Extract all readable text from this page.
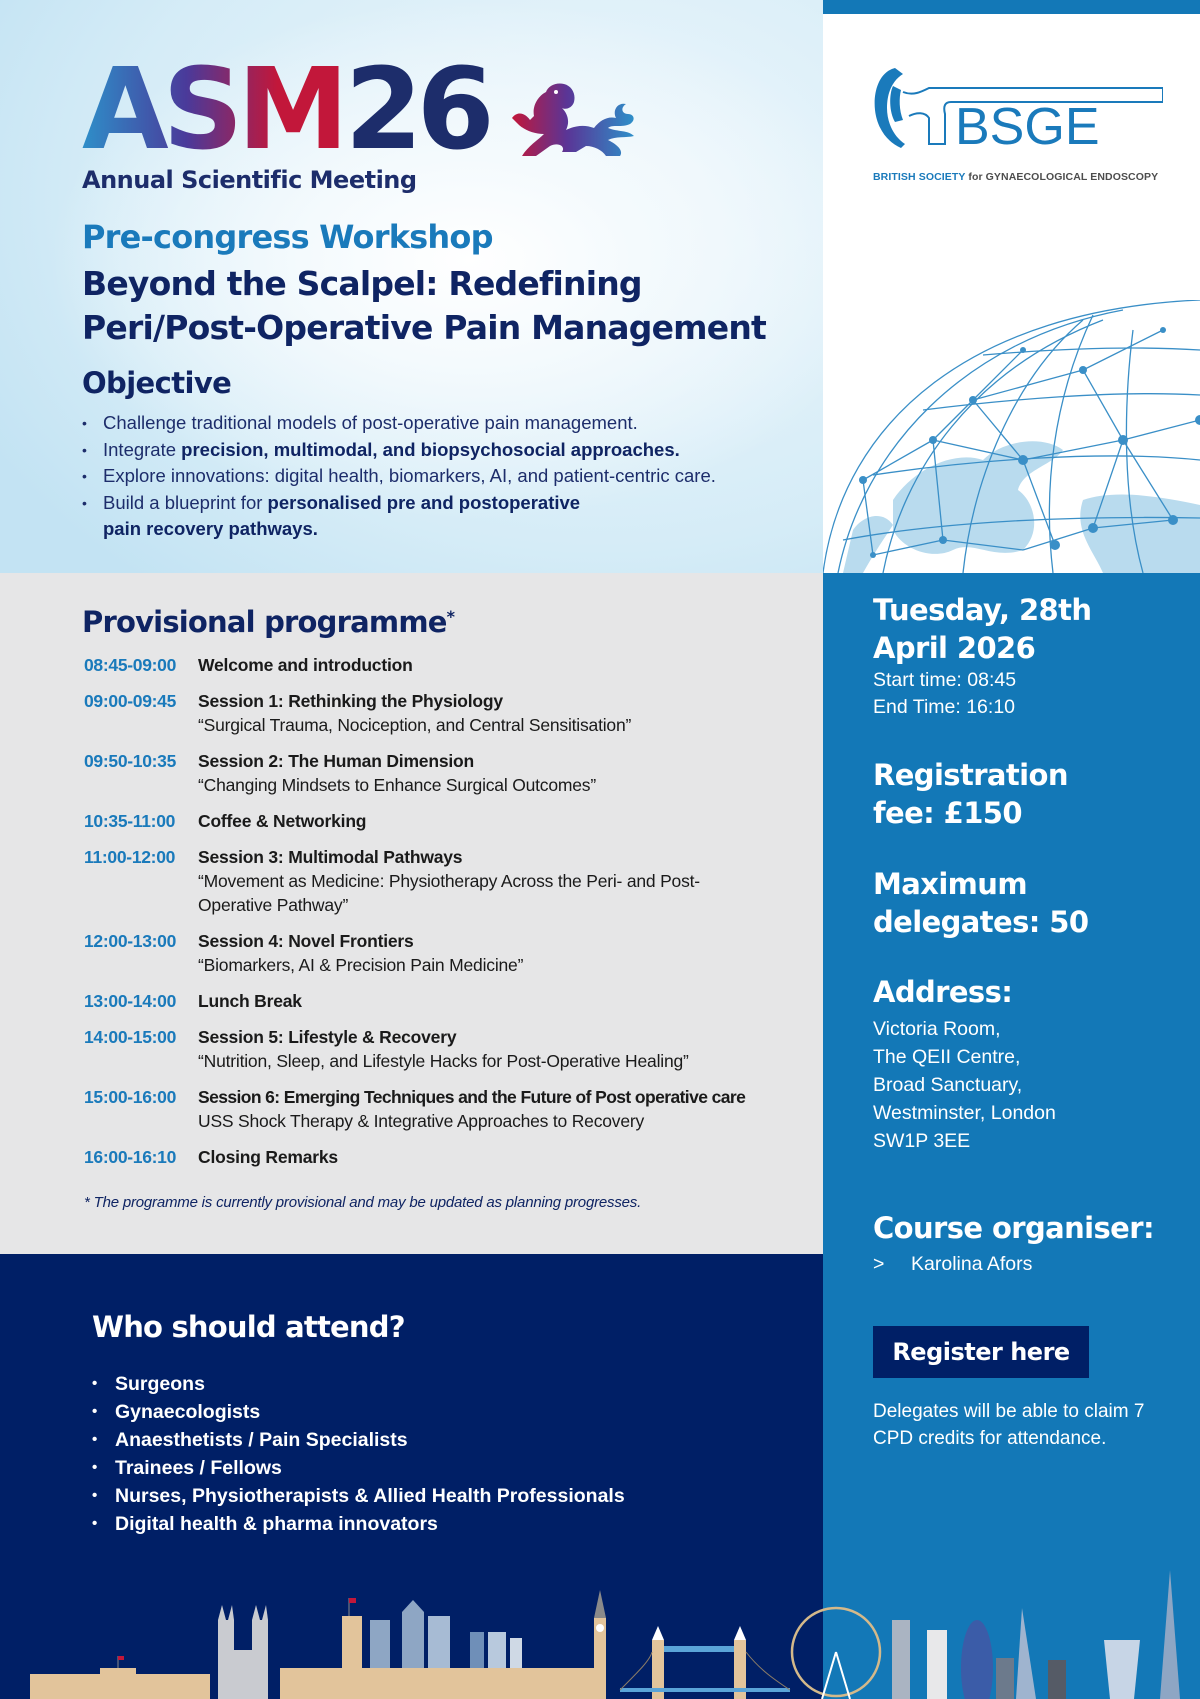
ASM 26
Annual Scientific Meeting
Pre-congress Workshop
Beyond the Scalpel: Redefining
Peri/Post-Operative Pain Management
Objective
• Challenge traditional models of post-operative pain management.
• Integrate precision, multimodal, and biopsychosocial approaches.
• Explore innovations: digital health, biomarkers, AI, and patient-centric care.
• Build a blueprint for personalised pre and postoperative pain recovery pathways.
BSGE
BRITISH SOCIETY for GYNAECOLOGICAL ENDOSCOPY
Provisional programme*
08:45-09:00	Welcome and introduction
09:00-09:45	Session 1: Rethinking the Physiology
“Surgical Trauma, Nociception, and Central Sensitisation”
09:50-10:35	Session 2: The Human Dimension
“Changing Mindsets to Enhance Surgical Outcomes”
10:35-11:00	Coffee & Networking
11:00-12:00	Session 3: Multimodal Pathways
“Movement as Medicine: Physiotherapy Across the Peri- and Post-Operative Pathway”
12:00-13:00	Session 4: Novel Frontiers
“Biomarkers, AI & Precision Pain Medicine”
13:00-14:00	Lunch Break
14:00-15:00	Session 5: Lifestyle & Recovery
“Nutrition, Sleep, and Lifestyle Hacks for Post-Operative Healing”
15:00-16:00	Session 6: Emerging Techniques and the Future of Post operative care
USS Shock Therapy & Integrative Approaches to Recovery
16:00-16:10	Closing Remarks
* The programme is currently provisional and may be updated as planning progresses.
Who should attend?
• Surgeons
• Gynaecologists
• Anaesthetists / Pain Specialists
• Trainees / Fellows
• Nurses, Physiotherapists & Allied Health Professionals
• Digital health & pharma innovators
Tuesday, 28th
April 2026
Start time: 08:45
End Time: 16:10
Registration
fee: £150
Maximum
delegates: 50
Address:
Victoria Room,
The QEII Centre,
Broad Sanctuary,
Westminster, London
SW1P 3EE
Course organiser:
>	Karolina Afors
Register here
Delegates will be able to claim 7 CPD credits for attendance.
